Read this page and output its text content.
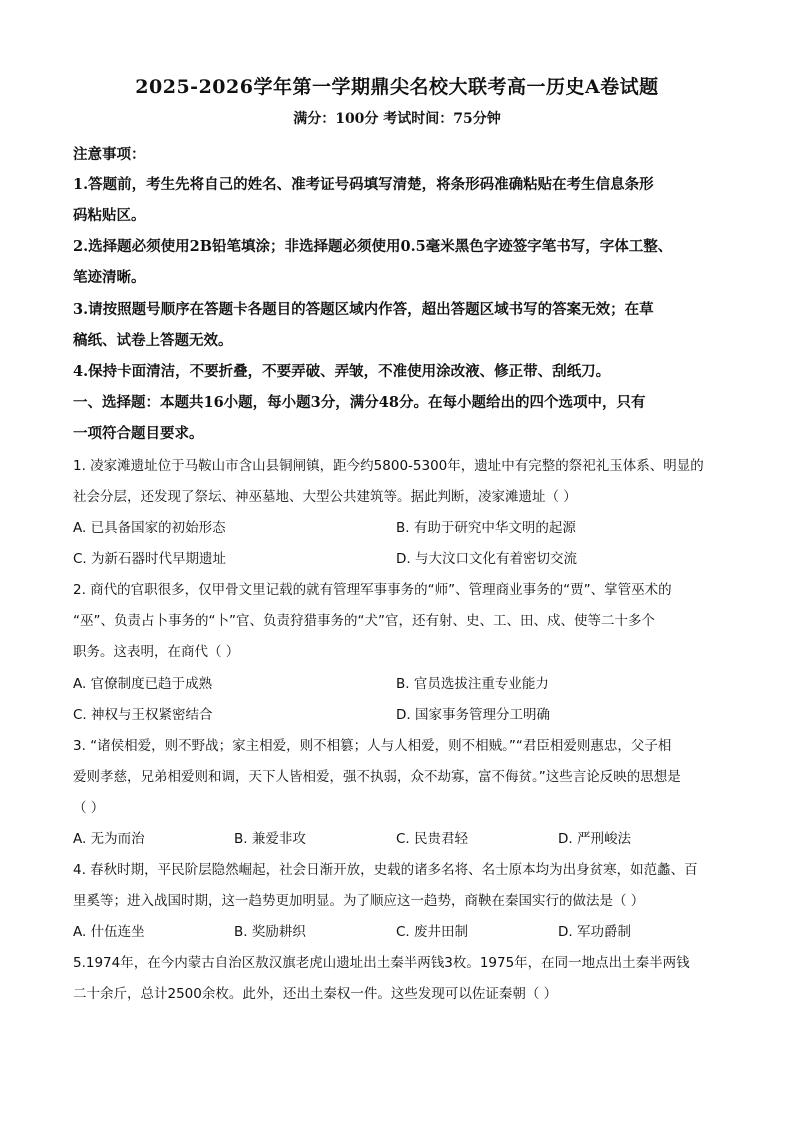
2025-2026学年第一学期鼎尖名校大联考高一历史A卷试题
满分：100分 考试时间：75分钟
注意事项：
1.答题前，考生先将自己的姓名、准考证号码填写清楚，将条形码准确粘贴在考生信息条形
码粘贴区。
2.选择题必须使用2B铅笔填涂；非选择题必须使用0.5毫米黑色字迹签字笔书写，字体工整、
笔迹清晰。
3.请按照题号顺序在答题卡各题目的答题区域内作答，超出答题区域书写的答案无效；在草
稿纸、试卷上答题无效。
4.保持卡面清洁，不要折叠，不要弄破、弄皱，不准使用涂改液、修正带、刮纸刀。
一、选择题：本题共16小题，每小题3分，满分48分。在每小题给出的四个选项中，只有
一项符合题目要求。
1. 凌家滩遗址位于马鞍山市含山县铜闸镇，距今约5800-5300年，遗址中有完整的祭祀礼玉体系、明显的
社会分层，还发现了祭坛、神巫墓地、大型公共建筑等。据此判断，凌家滩遗址（ ）
A. 已具备国家的初始形态	B. 有助于研究中华文明的起源
C. 为新石器时代早期遗址	D. 与大汶口文化有着密切交流
2. 商代的官职很多，仅甲骨文里记载的就有管理军事事务的“师”、管理商业事务的“贾”、掌管巫术的
“巫”、负责占卜事务的“卜”官、负责狩猎事务的“犬”官，还有射、史、工、田、戍、使等二十多个
职务。这表明，在商代（ ）
A. 官僚制度已趋于成熟	B. 官员选拔注重专业能力
C. 神权与王权紧密结合	D. 国家事务管理分工明确
3. “诸侯相爱，则不野战；家主相爱，则不相篡；人与人相爱，则不相贼。”“君臣相爱则惠忠，父子相
爱则孝慈，兄弟相爱则和调，天下人皆相爱，强不执弱，众不劫寡，富不侮贫。”这些言论反映的思想是
（ ）
A. 无为而治	B. 兼爱非攻	C. 民贵君轻	D. 严刑峻法
4. 春秋时期，平民阶层隐然崛起，社会日渐开放，史载的诸多名将、名士原本均为出身贫寒，如范蠡、百
里奚等；进入战国时期，这一趋势更加明显。为了顺应这一趋势，商鞅在秦国实行的做法是（ ）
A. 什伍连坐	B. 奖励耕织	C. 废井田制	D. 军功爵制
5.1974年，在今内蒙古自治区敖汉旗老虎山遗址出土秦半两钱3枚。1975年，在同一地点出土秦半两钱
二十余斤，总计2500余枚。此外，还出土秦权一件。这些发现可以佐证秦朝（ ）
